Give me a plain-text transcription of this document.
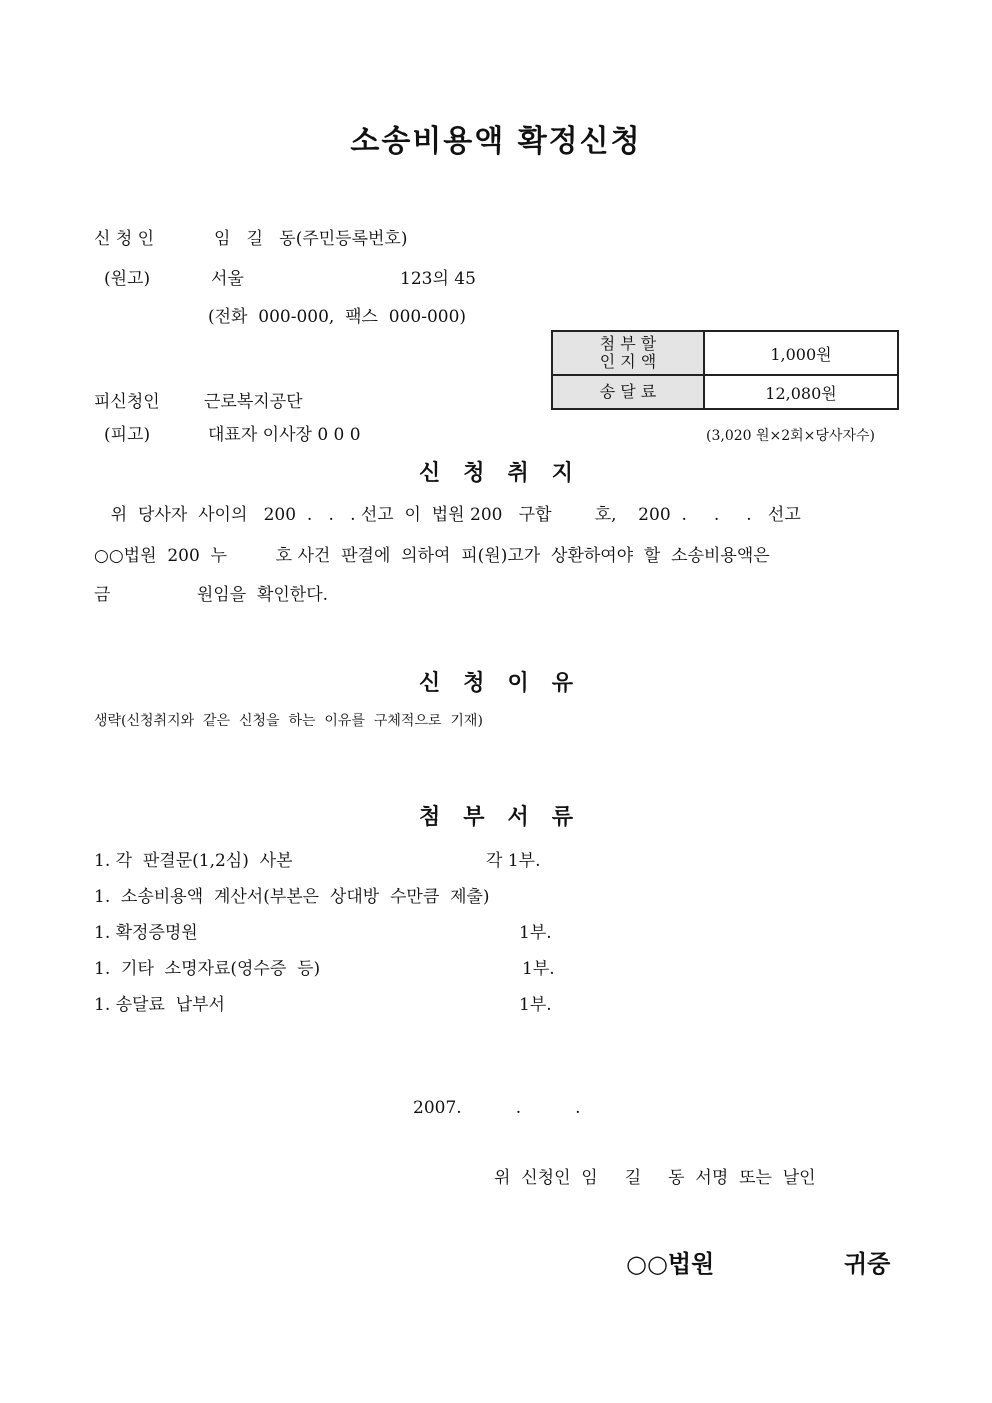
소송비용액 확정신청
신 청 인	임   길   동(주민등록번호)
(원고)	서울	123의 45
(전화  000-000,  팩스  000-000)
첨 부 할
인 지 액	1,000원
송 달 료	12,080원
(3,020 원×2회×당사자수)
피신청인	근로복지공단
(피고)	대표자 이사장 0 0 0
신   청   취   지
위  당사자  사이의   200  .   .   . 선고  이  법원 200   구합        호,    200  .     .     .   선고
○○법원  200  누         호 사건  판결에  의하여  피(원)고가  상환하여야  할  소송비용액은
금                원임을  확인한다.
신   청   이   유
생략(신청취지와  같은  신청을  하는  이유를  구체적으로  기재)
첨   부   서   류
1. 각  판결문(1,2심)  사본	각 1부.
1.  소송비용액  계산서(부본은  상대방  수만큼  제출)
1. 확정증명원	1부.
1.  기타  소명자료(영수증  등)	1부.
1. 송달료  납부서	1부.
2007.          .          .
위  신청인  임     길     동  서명  또는  날인
○○법원	귀중
